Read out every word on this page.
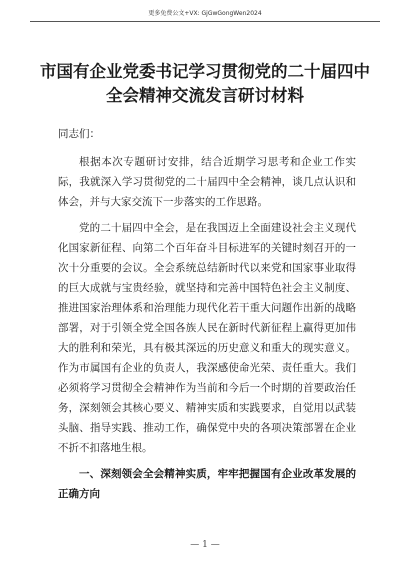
更多免费公文+VX: GjGwGongWen2024
市国有企业党委书记学习贯彻党的二十届四中全会精神交流发言研讨材料

同志们：

根据本次专题研讨安排，结合近期学习思考和企业工作实际，我就深入学习贯彻党的二十届四中全会精神，谈几点认识和体会，并与大家交流下一步落实的工作思路。

党的二十届四中全会，是在我国迈上全面建设社会主义现代化国家新征程、向第二个百年奋斗目标进军的关键时刻召开的一次十分重要的会议。全会系统总结新时代以来党和国家事业取得的巨大成就与宝贵经验，就坚持和完善中国特色社会主义制度、推进国家治理体系和治理能力现代化若干重大问题作出新的战略部署，对于引领全党全国各族人民在新时代新征程上赢得更加伟大的胜利和荣光，具有极其深远的历史意义和重大的现实意义。作为市属国有企业的负责人，我深感使命光荣、责任重大。我们必须将学习贯彻全会精神作为当前和今后一个时期的首要政治任务，深刻领会其核心要义、精神实质和实践要求，自觉用以武装头脑、指导实践、推动工作，确保党中央的各项决策部署在企业不折不扣落地生根。

一、深刻领会全会精神实质，牢牢把握国有企业改革发展的正确方向

— 1 —
